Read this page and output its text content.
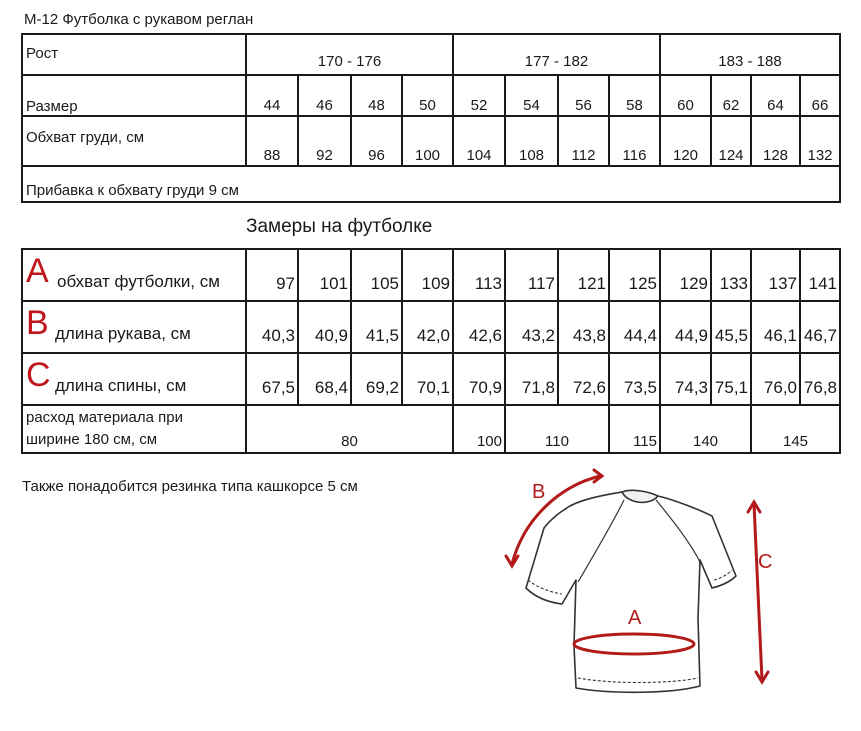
М-12 Футболка с рукавом реглан
Рост	170 - 176				177 - 182				183 - 188			

Размер	44	46	48	50	52	54	56	58	60	62	64	66

Обхват груди, см	88	92	96	100	104	108	112	116	120	124	128	132

Прибавка к обхвату груди 9 см												
Замеры на футболке
A обхват футболки, см	97	101	105	109	113	117	121	125	129	133	137	141

B длина рукава, см	40,3	40,9	41,5	42,0	42,6	43,2	43,8	44,4	44,9	45,5	46,1	46,7

C длина спины, см	67,5	68,4	69,2	70,1	70,9	71,8	72,6	73,5	74,3	75,1	76,0	76,8

расход материала при
ширине 180 см, см	80				100	110		115	140		145	
Также понадобится резинка типа кашкорсе 5 см
A
B
C
